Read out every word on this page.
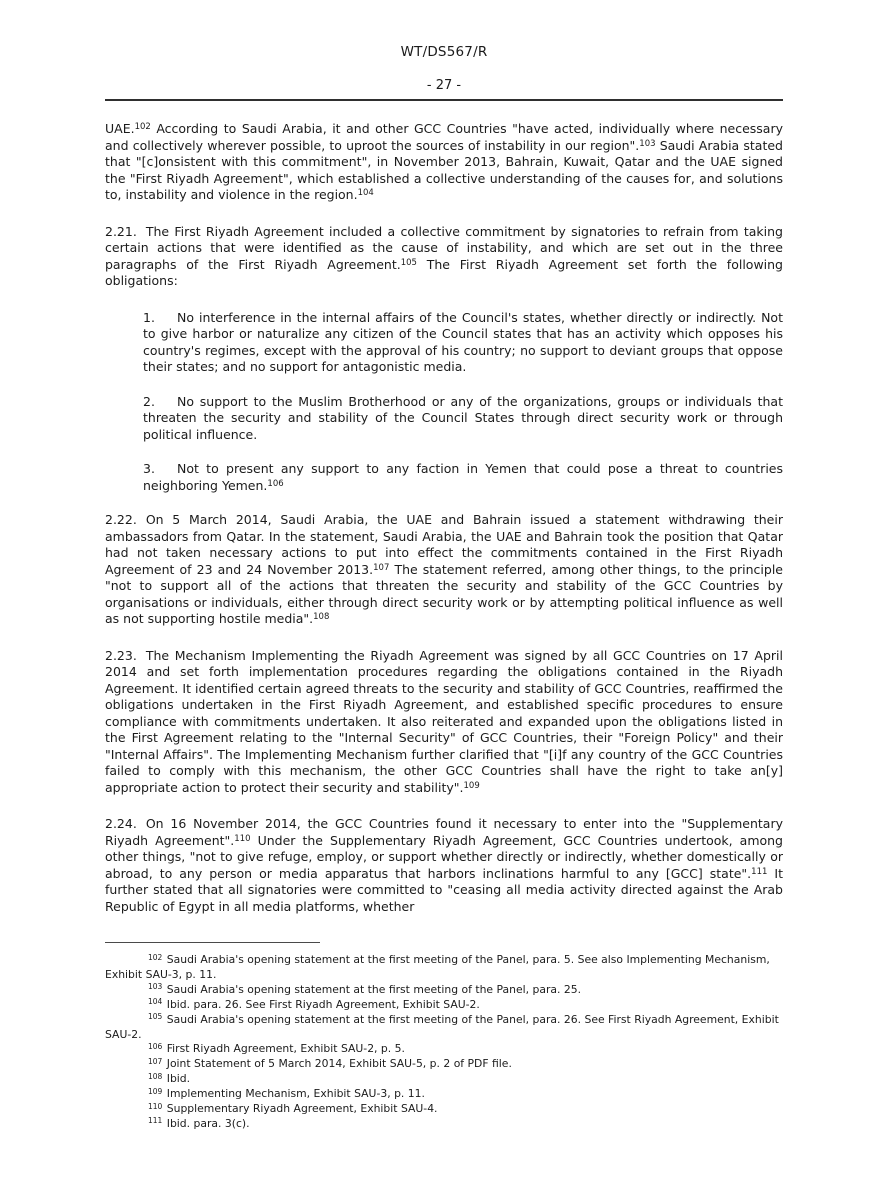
WT/DS567/R
- 27 -

UAE.$^{102}$ According to Saudi Arabia, it and other GCC Countries "have acted, individually where necessary and collectively wherever possible, to uproot the sources of instability in our region".$^{103}$ Saudi Arabia stated that "[c]onsistent with this commitment", in November 2013, Bahrain, Kuwait, Qatar and the UAE signed the "First Riyadh Agreement", which established a collective understanding of the causes for, and solutions to, instability and violence in the region.$^{104}$

2.21. The First Riyadh Agreement included a collective commitment by signatories to refrain from taking certain actions that were identified as the cause of instability, and which are set out in the three paragraphs of the First Riyadh Agreement.$^{105}$ The First Riyadh Agreement set forth the following obligations:

1. No interference in the internal affairs of the Council's states, whether directly or indirectly. Not to give harbor or naturalize any citizen of the Council states that has an activity which opposes his country's regimes, except with the approval of his country; no support to deviant groups that oppose their states; and no support for antagonistic media.

2. No support to the Muslim Brotherhood or any of the organizations, groups or individuals that threaten the security and stability of the Council States through direct security work or through political influence.

3. Not to present any support to any faction in Yemen that could pose a threat to countries neighboring Yemen.$^{106}$

2.22. On 5 March 2014, Saudi Arabia, the UAE and Bahrain issued a statement withdrawing their ambassadors from Qatar. In the statement, Saudi Arabia, the UAE and Bahrain took the position that Qatar had not taken necessary actions to put into effect the commitments contained in the First Riyadh Agreement of 23 and 24 November 2013.$^{107}$ The statement referred, among other things, to the principle "not to support all of the actions that threaten the security and stability of the GCC Countries by organisations or individuals, either through direct security work or by attempting political influence as well as not supporting hostile media".$^{108}$

2.23. The Mechanism Implementing the Riyadh Agreement was signed by all GCC Countries on 17 April 2014 and set forth implementation procedures regarding the obligations contained in the Riyadh Agreement. It identified certain agreed threats to the security and stability of GCC Countries, reaffirmed the obligations undertaken in the First Riyadh Agreement, and established specific procedures to ensure compliance with commitments undertaken. It also reiterated and expanded upon the obligations listed in the First Agreement relating to the "Internal Security" of GCC Countries, their "Foreign Policy" and their "Internal Affairs". The Implementing Mechanism further clarified that "[i]f any country of the GCC Countries failed to comply with this mechanism, the other GCC Countries shall have the right to take an[y] appropriate action to protect their security and stability".$^{109}$

2.24. On 16 November 2014, the GCC Countries found it necessary to enter into the "Supplementary Riyadh Agreement".$^{110}$ Under the Supplementary Riyadh Agreement, GCC Countries undertook, among other things, "not to give refuge, employ, or support whether directly or indirectly, whether domestically or abroad, to any person or media apparatus that harbors inclinations harmful to any [GCC] state".$^{111}$ It further stated that all signatories were committed to "ceasing all media activity directed against the Arab Republic of Egypt in all media platforms, whether

$^{102}$ Saudi Arabia's opening statement at the first meeting of the Panel, para. 5. See also Implementing Mechanism, Exhibit SAU-3, p. 11.

$^{103}$ Saudi Arabia's opening statement at the first meeting of the Panel, para. 25.

$^{104}$ Ibid. para. 26. See First Riyadh Agreement, Exhibit SAU-2.

$^{105}$ Saudi Arabia's opening statement at the first meeting of the Panel, para. 26. See First Riyadh Agreement, Exhibit SAU-2.

$^{106}$ First Riyadh Agreement, Exhibit SAU-2, p. 5.

$^{107}$ Joint Statement of 5 March 2014, Exhibit SAU-5, p. 2 of PDF file.

$^{108}$ Ibid.

$^{109}$ Implementing Mechanism, Exhibit SAU-3, p. 11.

$^{110}$ Supplementary Riyadh Agreement, Exhibit SAU-4.

$^{111}$ Ibid. para. 3(c).
